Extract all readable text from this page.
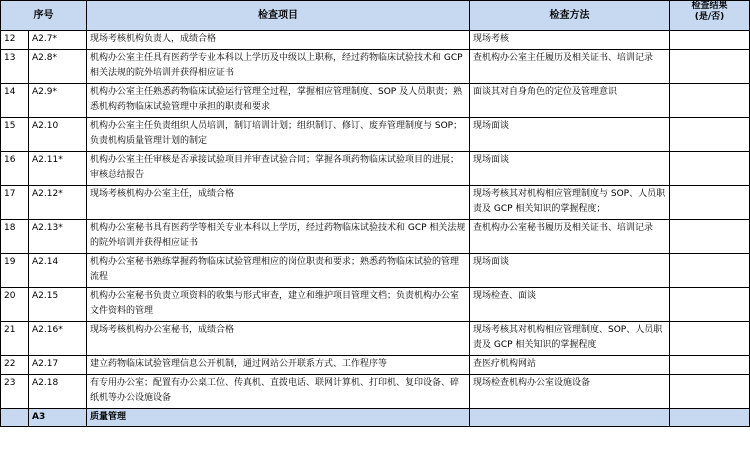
序号		检查项目	检查方法	检查结果
(是/否)
12	A2.7*	现场考核机构负责人，成绩合格	现场考核	
13	A2.8*	机构办公室主任具有医药学专业本科以上学历及中级以上职称，经过药物临床试验技术和 GCP 相关法规的院外培训并获得相应证书	查机构办公室主任履历及相关证书、培训记录	
14	A2.9*	机构办公室主任熟悉药物临床试验运行管理全过程，掌握相应管理制度、SOP 及人员职责；熟悉机构药物临床试验管理中承担的职责和要求	面谈其对自身角色的定位及管理意识	
15	A2.10	机构办公室主任负责组织人员培训，制订培训计划；组织制订、修订、废弃管理制度与 SOP；负责机构质量管理计划的制定	现场面谈	
16	A2.11*	机构办公室主任审核是否承接试验项目并审查试验合同；掌握各项药物临床试验项目的进展；审核总结报告	现场面谈	
17	A2.12*	现场考核机构办公室主任，成绩合格	现场考核其对机构相应管理制度与 SOP、人员职责及 GCP 相关知识的掌握程度；	
18	A2.13*	机构办公室秘书具有医药学等相关专业本科以上学历，经过药物临床试验技术和 GCP 相关法规的院外培训并获得相应证书	查机构办公室秘书履历及相关证书、培训记录	
19	A2.14	机构办公室秘书熟练掌握药物临床试验管理相应的岗位职责和要求；熟悉药物临床试验的管理流程	现场面谈	
20	A2.15	机构办公室秘书负责立项资料的收集与形式审查，建立和维护项目管理文档；负责机构办公室文件资料的管理	现场检查、面谈	
21	A2.16*	现场考核机构办公室秘书，成绩合格	现场考核其对机构相应管理制度、SOP、人员职责及 GCP 相关知识的掌握程度	
22	A2.17	建立药物临床试验管理信息公开机制，通过网站公开联系方式、工作程序等	查医疗机构网站	
23	A2.18	有专用办公室；配置有办公桌工位、传真机、直拨电话、联网计算机、打印机、复印设备、碎纸机等办公设施设备	现场检查机构办公室设施设备	
	A3	质量管理		
